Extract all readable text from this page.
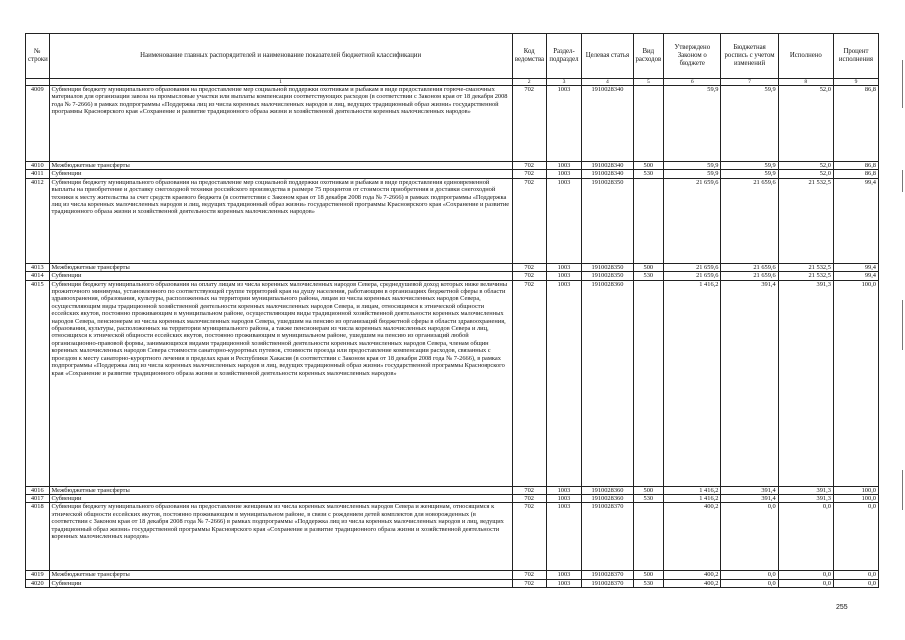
№ строки	Наименование главных распорядителей и наименование показателей бюджетной классификации	Код ведомства	Раздел-подраздел	Целевая статья	Вид расходов	Утверждено Законом о бюджете	Бюджетная роспись с учетом изменений	Исполнено	Процент исполнения
	1	2	3	4	5	6	7	8	9
4009	Субвенция бюджету муниципального образования на предоставление мер социальной поддержки охотникам и рыбакам в виде предоставления горюче-смазочных материалов для организации завоза на промысловые участки или выплаты компенсации соответствующих расходов (в соответствии с Законом края от 18 декабря 2008 года № 7-2666) в рамках подпрограммы «Поддержка лиц из числа коренных малочисленных народов и лиц, ведущих традиционный образ жизни» государственной программы Красноярского края «Сохранение и развитие традиционного образа жизни и хозяйственной деятельности коренных малочисленных народов»	702	1003	1910028340		59,9	59,9	52,0	86,8
4010	Межбюджетные трансферты	702	1003	1910028340	500	59,9	59,9	52,0	86,8
4011	Субвенции	702	1003	1910028340	530	59,9	59,9	52,0	86,8
4012	Субвенция бюджету муниципального образования на предоставление мер социальной поддержки охотникам и рыбакам в виде предоставления единовременной выплаты на приобретение и доставку снегоходной техники российского производства в размере 75 процентов от стоимости приобретения и доставки снегоходной техники к месту жительства за счет средств краевого бюджета (в соответствии с Законом края от 18 декабря 2008 года № 7-2666) в рамках подпрограммы «Поддержка лиц из числа коренных малочисленных народов и лиц, ведущих традиционный образ жизни» государственной программы Красноярского края «Сохранение и развитие традиционного образа жизни и хозяйственной деятельности коренных малочисленных народов»	702	1003	1910028350		21 659,6	21 659,6	21 532,5	99,4
4013	Межбюджетные трансферты	702	1003	1910028350	500	21 659,6	21 659,6	21 532,5	99,4
4014	Субвенции	702	1003	1910028350	530	21 659,6	21 659,6	21 532,5	99,4
4015	Субвенция бюджету муниципального образования на оплату лицам из числа коренных малочисленных народов Севера, среднедушевой доход которых ниже величины прожиточного минимума, установленного по соответствующей группе территорий края на душу населения, работающим в организациях бюджетной сферы в области здравоохранения, образования, культуры, расположенных на территории муниципального района, лицам из числа коренных малочисленных народов Севера, осуществляющим виды традиционной хозяйственной деятельности коренных малочисленных народов Севера, и лицам, относящимся к этнической общности ессейских якутов, постоянно проживающим в муниципальном районе, осуществляющим виды традиционной хозяйственной деятельности коренных малочисленных народов Севера, пенсионерам из числа коренных малочисленных народов Севера, ушедшим на пенсию из организаций бюджетной сферы в области здравоохранения, образования, культуры, расположенных на территории муниципального района, а также пенсионерам из числа коренных малочисленных народов Севера и лиц, относящихся к этнической общности ессейских якутов, постоянно проживающим в муниципальном районе, ушедшим на пенсию из организаций любой организационно-правовой формы, занимающихся видами традиционной хозяйственной деятельности коренных малочисленных народов Севера, членам общин коренных малочисленных народов Севера стоимости санаторно-курортных путевок, стоимости проезда или предоставление компенсации расходов, связанных с проездом к месту санаторно-курортного лечения в пределах края и Республики Хакасия (в соответствии с Законом края от 18 декабря 2008 года № 7-2666), в рамках подпрограммы «Поддержка лиц из числа коренных малочисленных народов и лиц, ведущих традиционный образ жизни» государственной программы Красноярского края «Сохранение и развитие традиционного образа жизни и хозяйственной деятельности коренных малочисленных народов»	702	1003	1910028360		1 416,2	391,4	391,3	100,0
4016	Межбюджетные трансферты	702	1003	1910028360	500	1 416,2	391,4	391,3	100,0
4017	Субвенции	702	1003	1910028360	530	1 416,2	391,4	391,3	100,0
4018	Субвенция бюджету муниципального образования на предоставление женщинам из числа коренных малочисленных народов Севера и женщинам, относящимся к этнической общности ессейских якутов, постоянно проживающим в муниципальном районе, в связи с рождением детей комплектов для новорожденных (в соответствии с Законом края от 18 декабря 2008 года № 7-2666) в рамках подпрограммы «Поддержка лиц из числа коренных малочисленных народов и лиц, ведущих традиционный образ жизни» государственной программы Красноярского края «Сохранение и развитие традиционного образа жизни и хозяйственной деятельности коренных малочисленных народов»	702	1003	1910028370		400,2	0,0	0,0	0,0
4019	Межбюджетные трансферты	702	1003	1910028370	500	400,2	0,0	0,0	0,0
4020	Субвенции	702	1003	1910028370	530	400,2	0,0	0,0	0,0
255
